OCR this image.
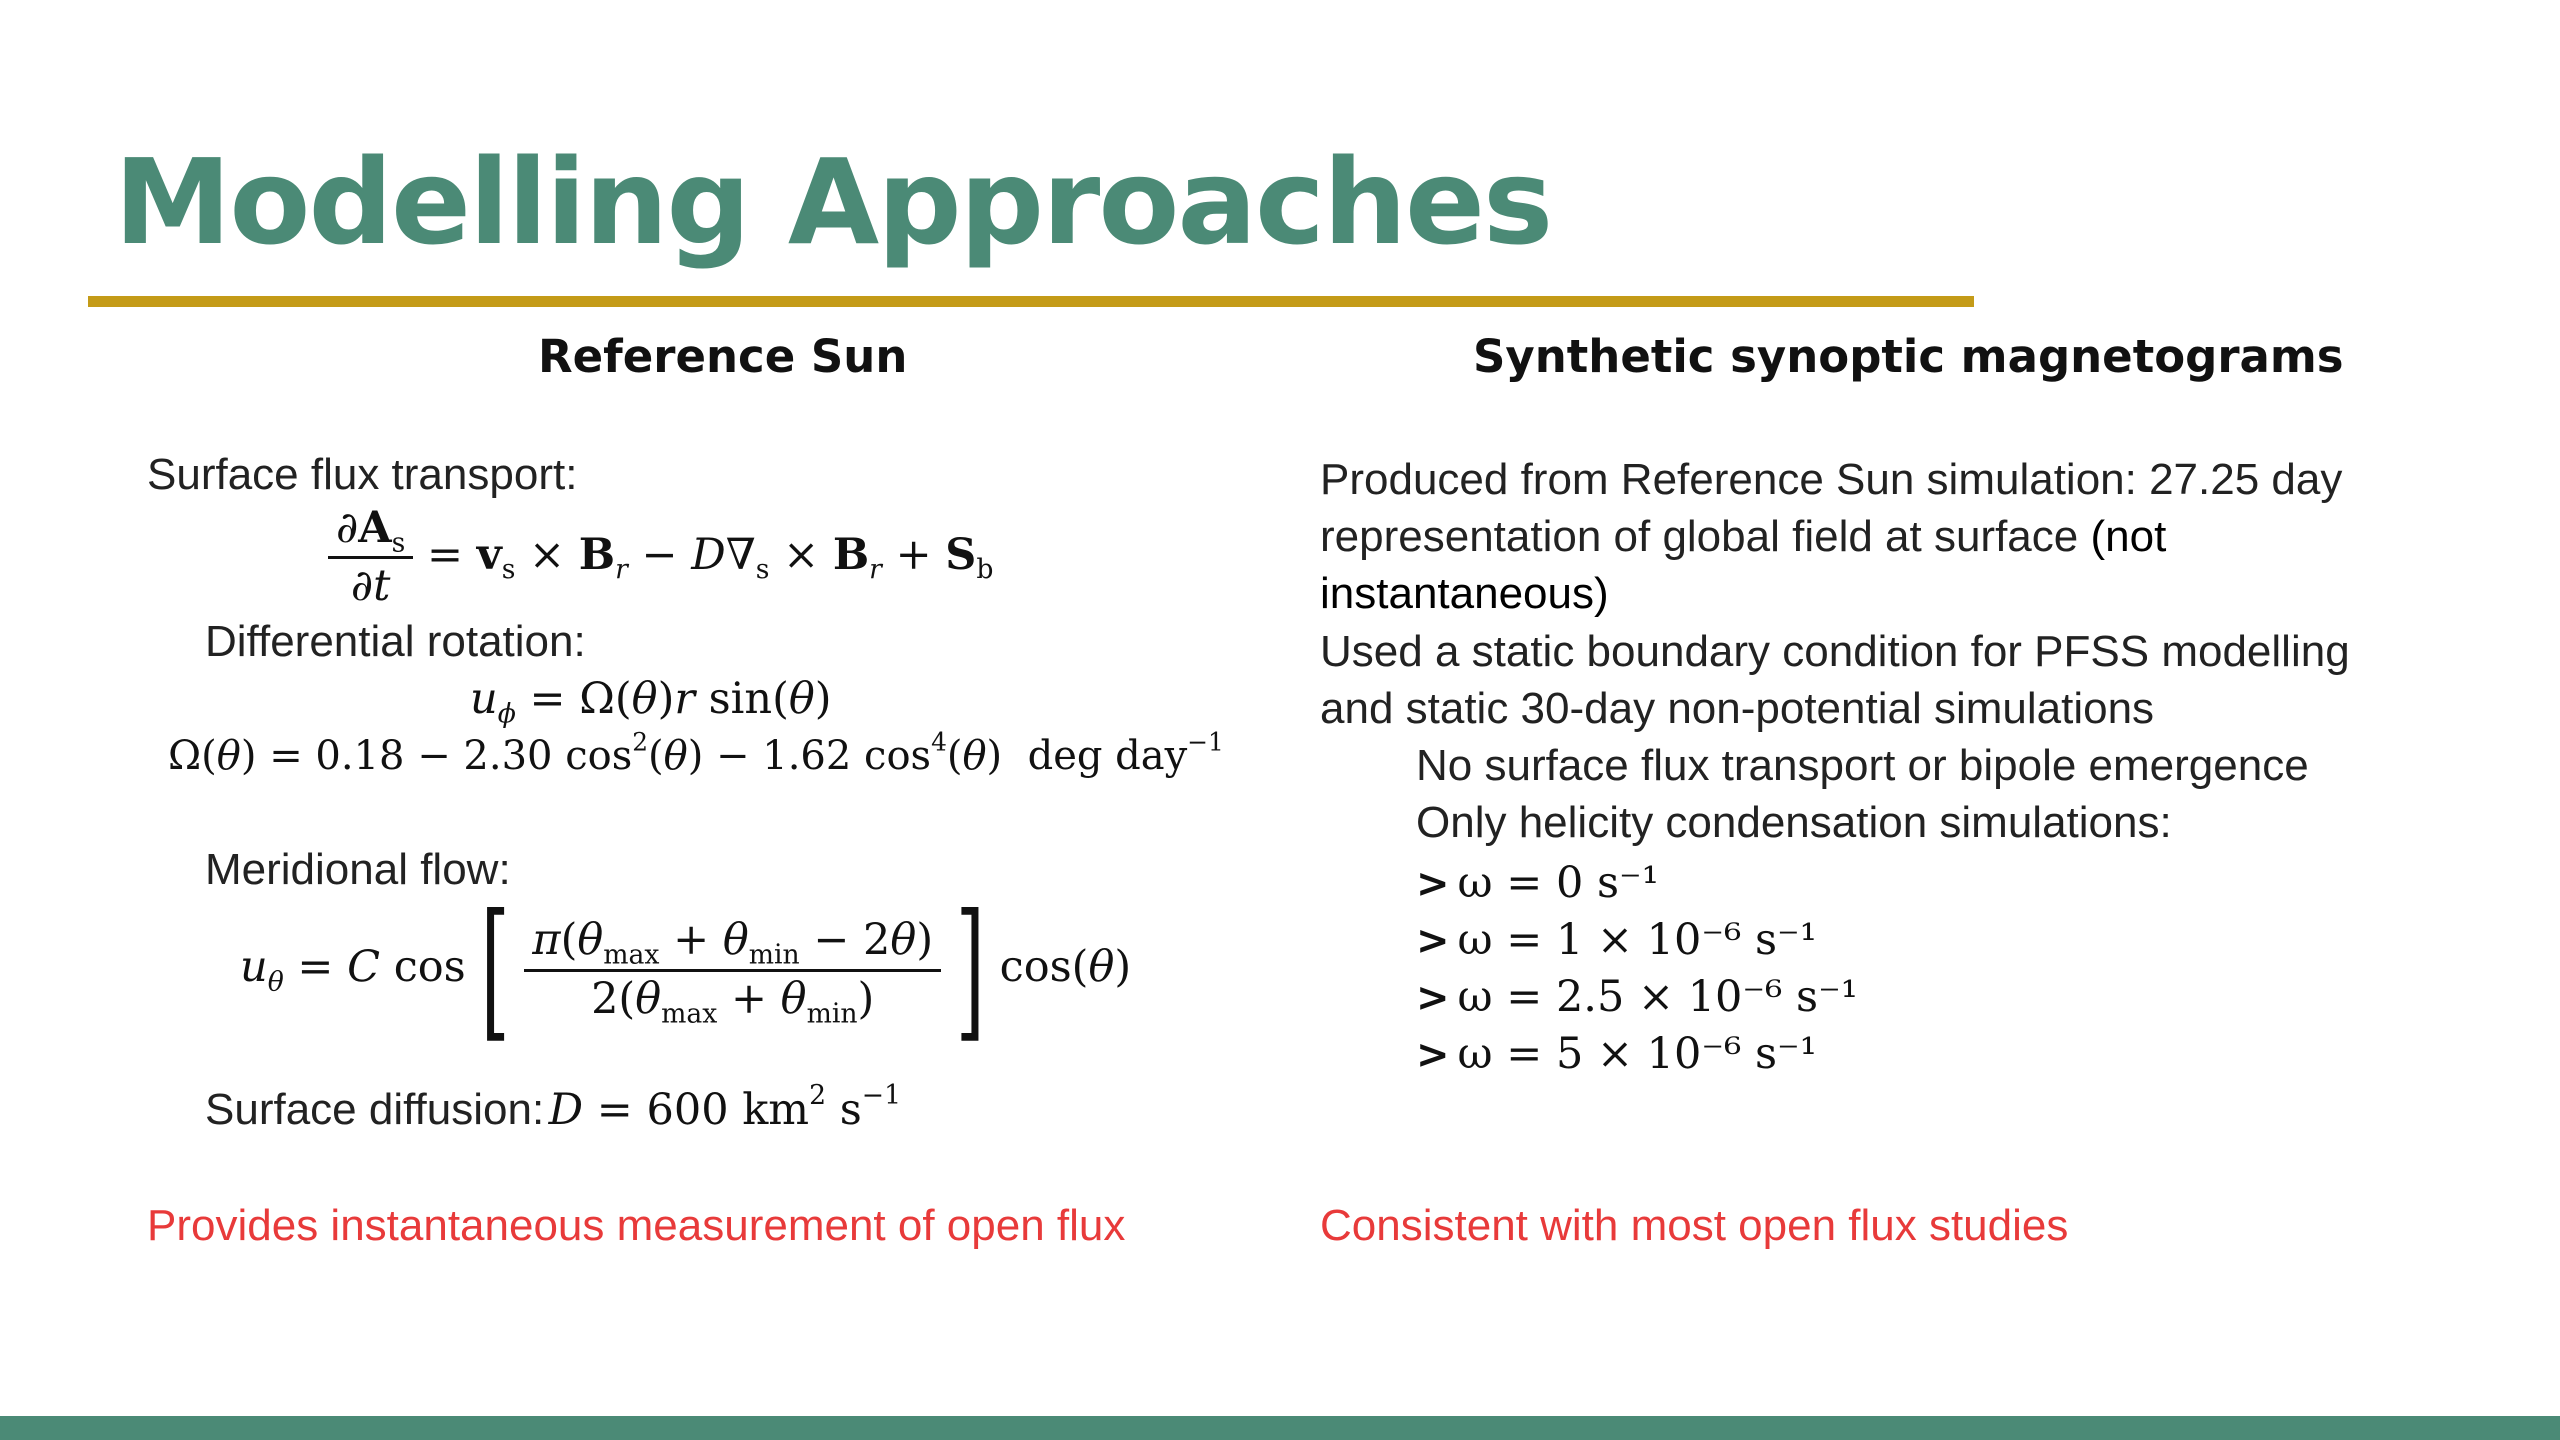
Modelling Approaches
Reference Sun
Surface flux transport:
$\frac{\partial A_s}{\partial t} = v_s \times B_r - D\nabla_s \times B_r + S_b$
Differential rotation:
$u_\phi = \Omega(\theta)r$ sin(θ)
Ω(θ) = 0.18 − 2.30 $\cos^2(\theta) - 1.62$ $\cos^4(\theta)$  deg day$^{-1}$
Meridional flow:
$u_\theta = C$ $\cos[ \frac{\pi(\theta_{max} + \theta_{min} - 2\theta)}{2(\theta_{max} + \theta_{min})}$ ] cos(θ)
Surface diffusion: D = 600 $km^2$ $s^{-1}$
Provides instantaneous measurement of open flux
Synthetic synoptic magnetograms
Produced from Reference Sun simulation: 27.25 day
representation of global field at surface (not
instantaneous)
Used a static boundary condition for PFSS modelling
and static 30-day non-potential simulations
No surface flux transport or bipole emergence
Only helicity condensation simulations:
> ω = 0 s⁻¹
> ω = 1 × 10⁻⁶ s⁻¹
> ω = 2.5 × 10⁻⁶ s⁻¹
> ω = 5 × 10⁻⁶ s⁻¹
Consistent with most open flux studies
